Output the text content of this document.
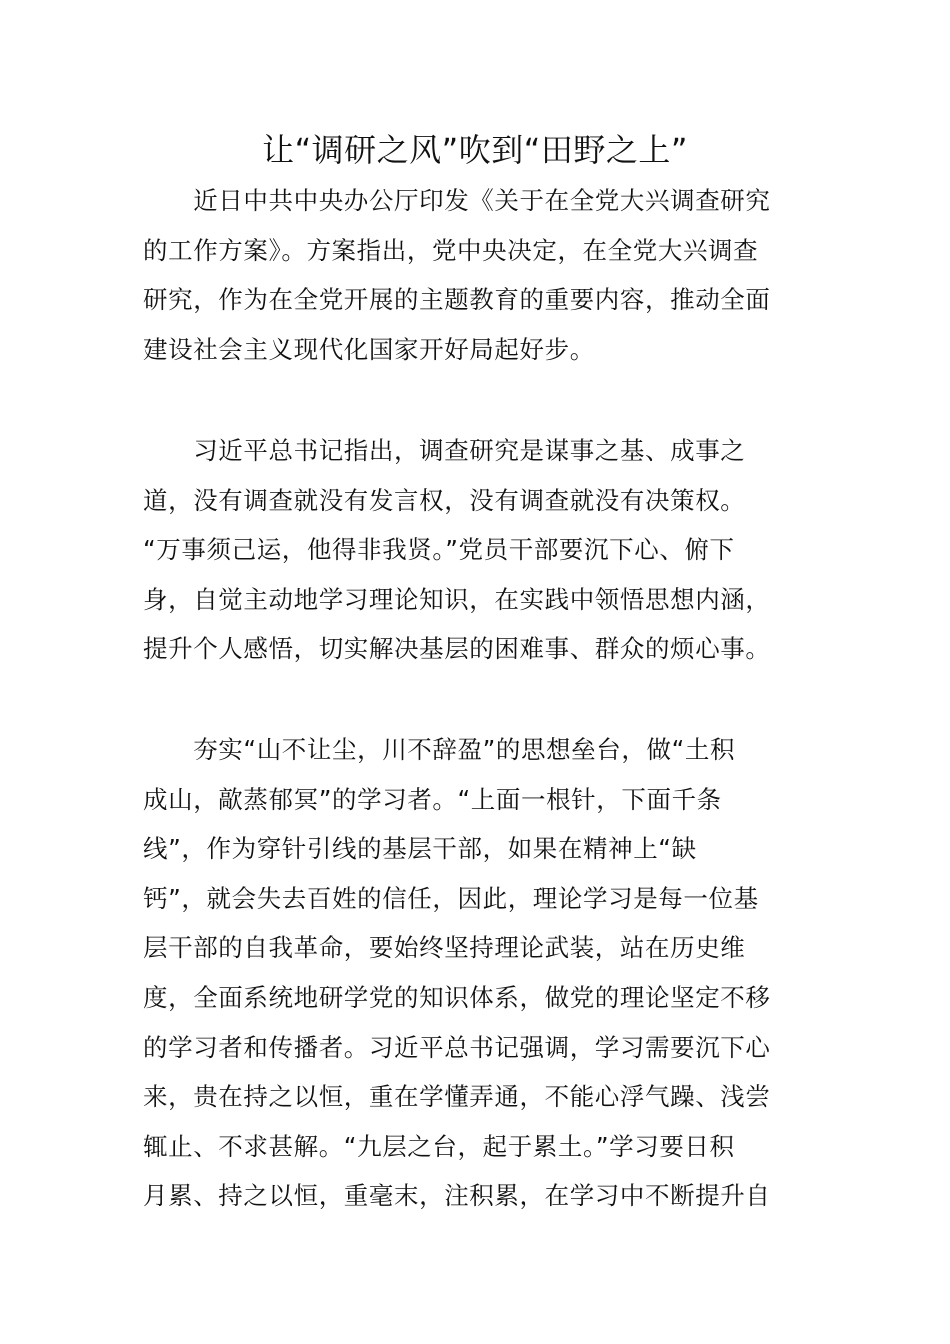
让“调研之风”吹到“田野之上”
　　近日中共中央办公厅印发《关于在全党大兴调查研究
的工作方案》。方案指出，党中央决定，在全党大兴调查
研究，作为在全党开展的主题教育的重要内容，推动全面
建设社会主义现代化国家开好局起好步。
　　习近平总书记指出，调查研究是谋事之基、成事之
道，没有调查就没有发言权，没有调查就没有决策权。
“万事须己运，他得非我贤。”党员干部要沉下心、俯下
身，自觉主动地学习理论知识，在实践中领悟思想内涵，
提升个人感悟，切实解决基层的困难事、群众的烦心事。
　　夯实“山不让尘，川不辞盈”的思想垒台，做“土积
成山，歊蒸郁冥”的学习者。“上面一根针，下面千条
线”，作为穿针引线的基层干部，如果在精神上“缺
钙”，就会失去百姓的信任，因此，理论学习是每一位基
层干部的自我革命，要始终坚持理论武装，站在历史维
度，全面系统地研学党的知识体系，做党的理论坚定不移
的学习者和传播者。习近平总书记强调，学习需要沉下心
来，贵在持之以恒，重在学懂弄通，不能心浮气躁、浅尝
辄止、不求甚解。“九层之台，起于累土。”学习要日积
月累、持之以恒，重毫末，注积累，在学习中不断提升自
